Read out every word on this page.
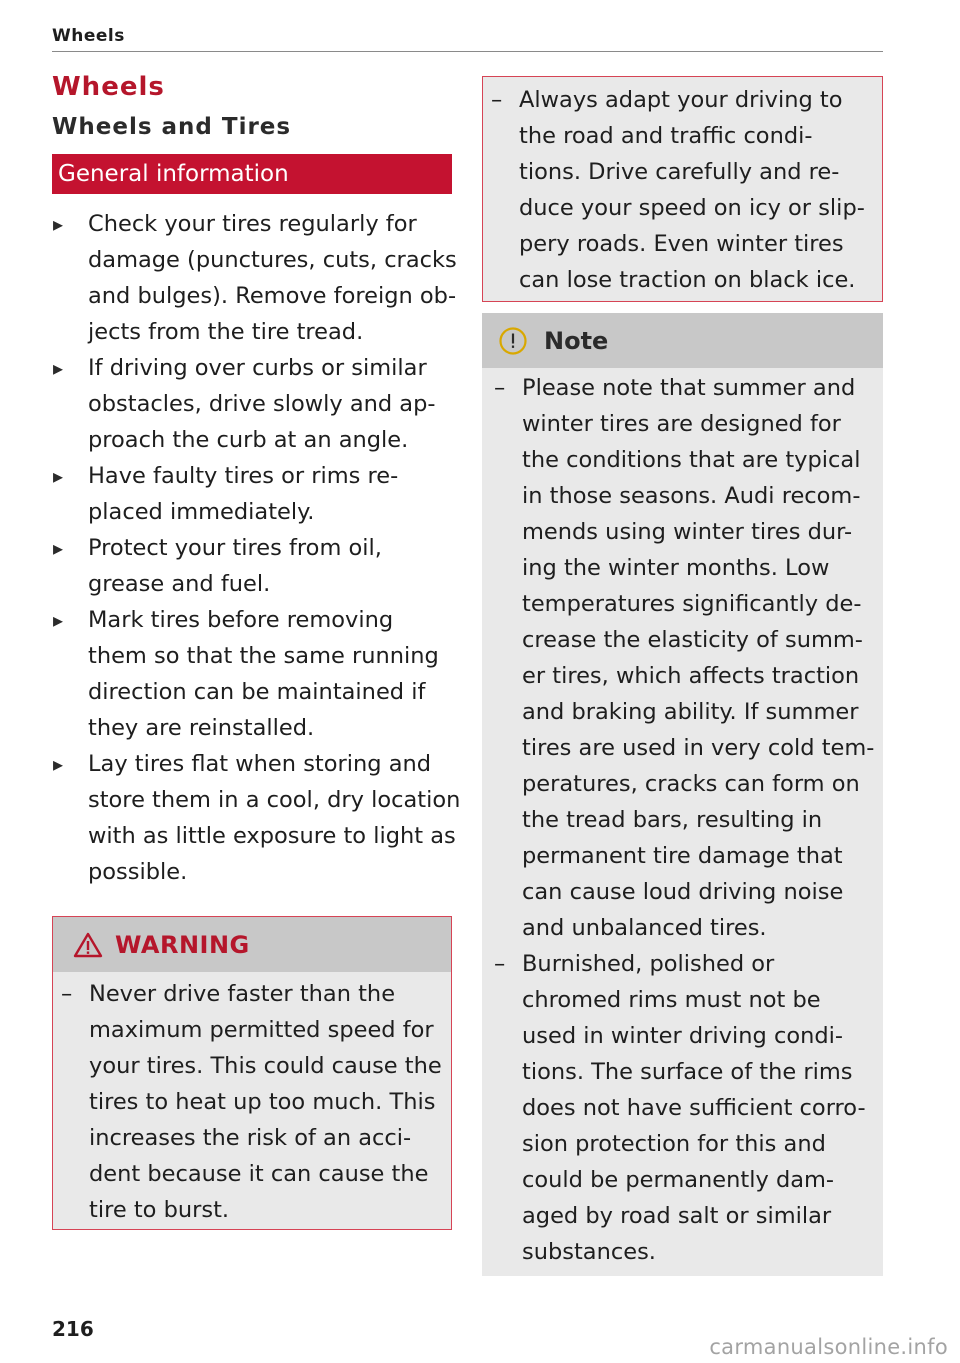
Wheels
Wheels
Wheels and Tires
General information
▸ Check your tires regularly for
damage (punctures, cuts, cracks
and bulges). Remove foreign ob-
jects from the tire tread.
▸ If driving over curbs or similar
obstacles, drive slowly and ap-
proach the curb at an angle.
▸ Have faulty tires or rims re-
placed immediately.
▸ Protect your tires from oil,
grease and fuel.
▸ Mark tires before removing
them so that the same running
direction can be maintained if
they are reinstalled.
▸ Lay tires flat when storing and
store them in a cool, dry location
with as little exposure to light as
possible.
WARNING
– Never drive faster than the
maximum permitted speed for
your tires. This could cause the
tires to heat up too much. This
increases the risk of an acci-
dent because it can cause the
tire to burst.
– Always adapt your driving to
the road and traffic condi-
tions. Drive carefully and re-
duce your speed on icy or slip-
pery roads. Even winter tires
can lose traction on black ice.
Note
– Please note that summer and
winter tires are designed for
the conditions that are typical
in those seasons. Audi recom-
mends using winter tires dur-
ing the winter months. Low
temperatures significantly de-
crease the elasticity of summ-
er tires, which affects traction
and braking ability. If summer
tires are used in very cold tem-
peratures, cracks can form on
the tread bars, resulting in
permanent tire damage that
can cause loud driving noise
and unbalanced tires.
– Burnished, polished or
chromed rims must not be
used in winter driving condi-
tions. The surface of the rims
does not have sufficient corro-
sion protection for this and
could be permanently dam-
aged by road salt or similar
substances.
216
carmanualsonline.info
